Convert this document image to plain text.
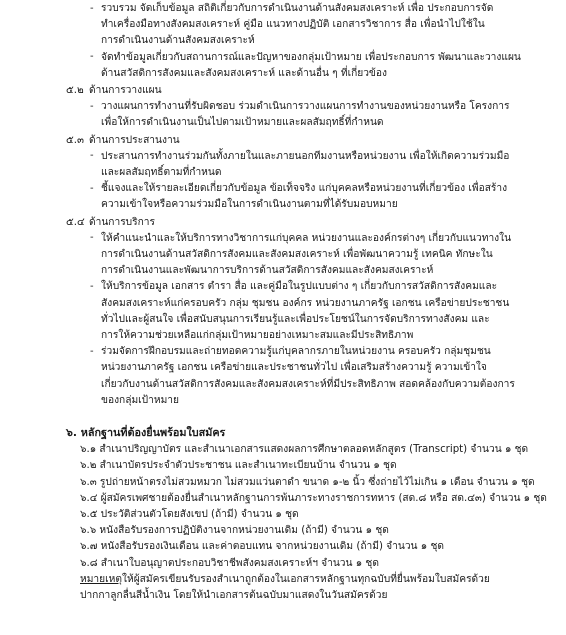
- รวบรวม จัดเก็บข้อมูล สถิติเกี่ยวกับการดำเนินงานด้านสังคมสงเคราะห์ เพื่อ ประกอบการจัด
ทำเครื่องมือทางสังคมสงเคราะห์ คู่มือ แนวทางปฏิบัติ เอกสารวิชาการ สื่อ เพื่อนำไปใช้ใน
การดำเนินงานด้านสังคมสงเคราะห์
- จัดทำข้อมูลเกี่ยวกับสถานการณ์และปัญหาของกลุ่มเป้าหมาย เพื่อประกอบการ พัฒนาและวางแผน
ด้านสวัสดิการสังคมและสังคมสงเคราะห์ และด้านอื่น ๆ ที่เกี่ยวข้อง
๕.๒ ด้านการวางแผน
- วางแผนการทำงานที่รับผิดชอบ ร่วมดำเนินการวางแผนการทำงานของหน่วยงานหรือ โครงการ
เพื่อให้การดำเนินงานเป็นไปตามเป้าหมายและผลสัมฤทธิ์ที่กำหนด
๕.๓ ด้านการประสานงาน
- ประสานการทำงานร่วมกันทั้งภายในและภายนอกทีมงานหรือหน่วยงาน เพื่อให้เกิดความร่วมมือ
และผลสัมฤทธิ์ตามที่กำหนด
- ชี้แจงและให้รายละเอียดเกี่ยวกับข้อมูล ข้อเท็จจริง แก่บุคคลหรือหน่วยงานที่เกี่ยวข้อง เพื่อสร้าง
ความเข้าใจหรือความร่วมมือในการดำเนินงานตามที่ได้รับมอบหมาย
๕.๔ ด้านการบริการ
- ให้คำแนะนำและให้บริการทางวิชาการแก่บุคคล หน่วยงานและองค์กรต่างๆ เกี่ยวกับแนวทางใน
การดำเนินงานด้านสวัสดิการสังคมและสังคมสงเคราะห์ เพื่อพัฒนาความรู้ เทคนิค ทักษะใน
การดำเนินงานและพัฒนาการบริการด้านสวัสดิการสังคมและสังคมสงเคราะห์
- ให้บริการข้อมูล เอกสาร ตำรา สื่อ และคู่มือในรูปแบบต่าง ๆ เกี่ยวกับการสวัสดิการสังคมและ
สังคมสงเคราะห์แก่ครอบครัว กลุ่ม ชุมชน องค์กร หน่วยงานภาครัฐ เอกชน เครือข่ายประชาชน
ทั่วไปและผู้สนใจ เพื่อสนับสนุนการเรียนรู้และเพื่อประโยชน์ในการจัดบริการทางสังคม และ
การให้ความช่วยเหลือแก่กลุ่มเป้าหมายอย่างเหมาะสมและมีประสิทธิภาพ
- ร่วมจัดการฝึกอบรมและถ่ายทอดความรู้แก่บุคลากรภายในหน่วยงาน ครอบครัว กลุ่มชุมชน
หน่วยงานภาครัฐ เอกชน เครือข่ายและประชาชนทั่วไป เพื่อเสริมสร้างความรู้ ความเข้าใจ
เกี่ยวกับงานด้านสวัสดิการสังคมและสังคมสงเคราะห์ที่มีประสิทธิภาพ สอดคล้องกับความต้องการ
ของกลุ่มเป้าหมาย
๖. หลักฐานที่ต้องยื่นพร้อมใบสมัคร
๖.๑ สำเนาปริญญาบัตร และสำเนาเอกสารแสดงผลการศึกษาตลอดหลักสูตร (Transcript) จำนวน ๑ ชุด
๖.๒ สำเนาบัตรประจำตัวประชาชน และสำเนาทะเบียนบ้าน จำนวน ๑ ชุด
๖.๓ รูปถ่ายหน้าตรงไม่สวมหมวก ไม่สวมแว่นตาดำ ขนาด ๑-๒ นิ้ว ซึ่งถ่ายไว้ไม่เกิน ๑ เดือน จำนวน ๑ ชุด
๖.๔ ผู้สมัครเพศชายต้องยื่นสำเนาหลักฐานการพ้นภาระทางราชการทหาร (สด.๘ หรือ สด.๔๓) จำนวน ๑ ชุด
๖.๕ ประวัติส่วนตัวโดยสังเขป (ถ้ามี) จำนวน ๑ ชุด
๖.๖ หนังสือรับรองการปฏิบัติงานจากหน่วยงานเดิม (ถ้ามี) จำนวน ๑ ชุด
๖.๗ หนังสือรับรองเงินเดือน และค่าตอบแทน จากหน่วยงานเดิม (ถ้ามี) จำนวน ๑ ชุด
๖.๘ สำเนาใบอนุญาตประกอบวิชาชีพสังคมสงเคราะห์ฯ จำนวน ๑ ชุด
หมายเหตุ ให้ผู้สมัครเขียนรับรองสำเนาถูกต้องในเอกสารหลักฐานทุกฉบับที่ยื่นพร้อมใบสมัครด้วย
ปากกาลูกลื่นสีน้ำเงิน โดยให้นำเอกสารต้นฉบับมาแสดงในวันสมัครด้วย
